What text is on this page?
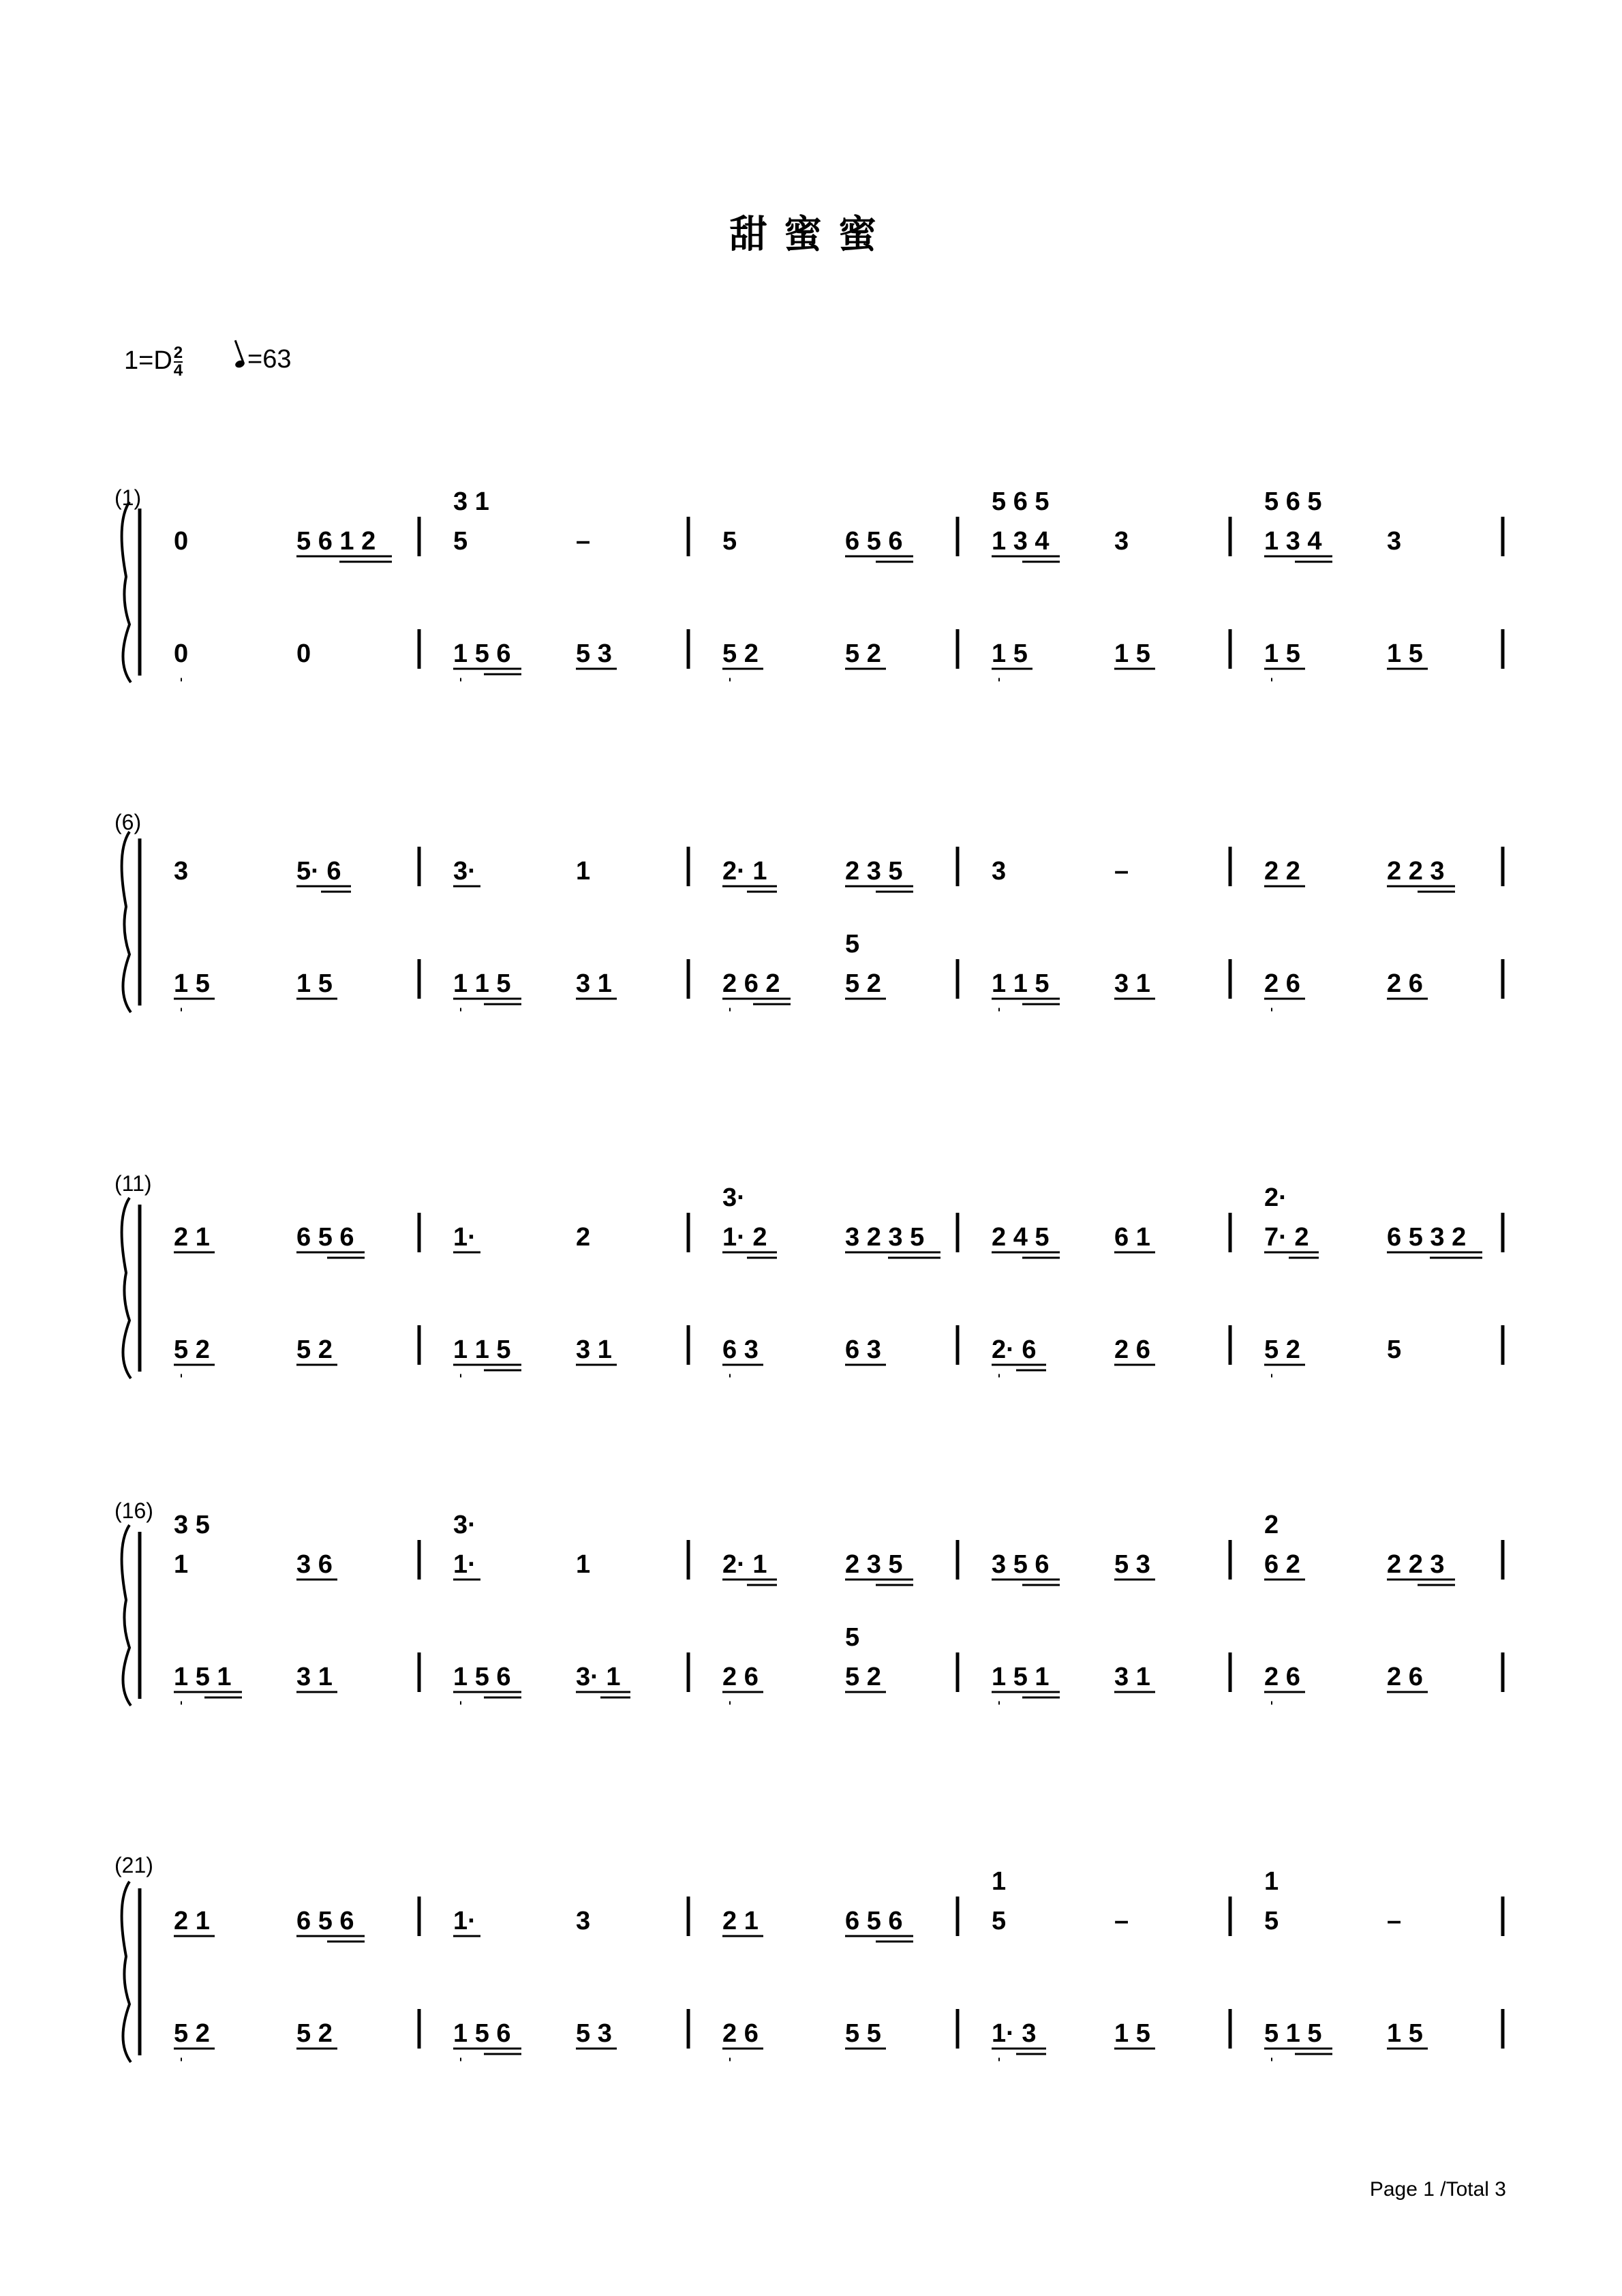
甜蜜蜜
$1=D \frac{2}{4}$	=63
0	5 6 1 2
0	0
5	–
1 5 6	5 3
3 1
5	6 5 6
5 2	5 2
1 3 4	3
1 5	1 5
5 6 5
1 3 4	3
1 5	1 5
5 6 5
3	5· 6
1 5	1 5
3·	1
1 1 5	3 1
2· 1	2 3 5
2 6 2	5 2
5
3	–
1 1 5	3 1
2 2	2 2 3
2 6	2 6
2 1	6 5 6
5 2	5 2
1·	2
1 1 5	3 1
1· 2	3 2 3 5
6 3	6 3
3·
2 4 5	6 1
2· 6	2 6
7· 2	6 5 3 2
5 2	5
2·
1	3 6
1 5 1	3 1
3 5
1·	1
1 5 6	3· 1
3·
2· 1	2 3 5
2 6	5 2
5
3 5 6	5 3
1 5 1	3 1
6 2	2 2 3
2 6	2 6
2
2 1	6 5 6
5 2	5 2
1·	3
1 5 6	5 3
2 1	6 5 6
2 6	5 5
5	–
1· 3	1 5
1
5	–
5 1 5	1 5
1
Page 1 /Total 3
(1)
(6)
(11)
(16)
(21)
